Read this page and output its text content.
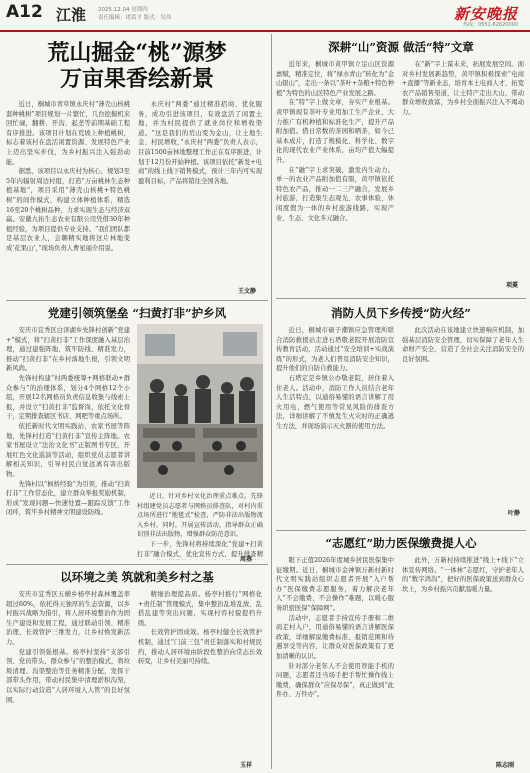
A12 江淮 2025.12.04 星期四
责任编辑：诸葛平 版式：吴伟	新安晚报
热线：0551-62620000
荒山掘金“桃”源梦
万亩果香绘新景

近日，桐城市青草镇永庆村“薄壳山核桃套种桃树”项目规划一片繁忙，几台挖掘机来回忙碌，翻耕、开沟、起垄等前期基础工程有序推进。该项目计划在荒坡上种植桃树，标志着该村在盘活闲置资源、发展特色产业上迈出坚实步伐，为乡村振兴注入强劲动能。

据悉，该项目以永庆村为核心，规划3至5年内辐射周边村组，打造“万亩桃林生态种植基地”，项目采用“薄壳山核桃+特色桃树”的间作模式，构建立体种植体系，精选16至20个桃树品种，力求实现生态与经济双赢。安徽九拓生态农业有限公司凭借30年种植经验，为项目提供专业支持。“我们团队都是基层农业人，会聊精实地将这片林地变成‘花果山’，”现场负责人曹星丽介绍说。

永庆村“两委”通过精准招商、优化服务，成功引进该项目，有效盘活了闲置土地，并为村民提供了就业岗位和增收渠道。“这是我们的荒山变为金山，让土地生金、村民增收，”永庆村“两委”负责人表示，目前1500亩林地整理工作正在有序推进，计划于12月份开始种植。该项目依托“新发+电商”的线上线下销售模式，预计三年内可实现盈利目标，产品将销往全国各地。

王文静
党建引领筑堡垒 “扫黄打非”护乡风

安庆市宜秀区白泽湖乡先锋村创新“党建+”模式，将“扫黄打非”工作深度融入基层治理，通过建强阵地、筑牢防线、精准发力，推动“扫黄打非”在乡村落地生根，引领文明新风尚。

先锋村构建“村两委统筹+网格联动+群众参与”的治理体系，划分4个网格12个小组，开展12名网格员负责信息收集与线索上报，并设立“扫黄打非”监督岗，依托文化骨干，定期排查辖区书店、网吧等重点场所。

依托新时代文明实践站、农家书屋等阵地，先锋村打造“扫黄打非”宣传主阵地。农家书屋设立“法治文化书”正版图书专区，开展红色文化巡演等活动，组织党员志愿者讲解相关知识，引导村民自觉远离有害出版物。

先锋村以“枫桥经验”为引领，推动“扫黄打非”工作常态化，建立群众举报奖励机制，形成“发现问题—快速处置—跟踪反馈”工作闭环，筑牢乡村精神文明建设防线。

近日，针对乡村文化治理重点难点，先锋村组建党员志愿者与网格员排查队，对村内重点场所进行“地毯式”检查，严防非法出版物流入乡村。同时，开展宣传活动，指导群众正确识别非法出版物，增强群众防范意识。

下一步，先锋村将持续深化“党建+扫黄打非”融合模式，优化宣传方式，提升排查精

周燕
以环境之美 筑就和美乡村之基

安庆市宜秀区五横乡杨亭村森林覆盖率超过60%，依托得天独厚的生态资源，以乡村振兴战略为指引，将人居环境整治作为固生产建设和发展工程，通过联动引领、精准治理、长效管护三维发力，让乡村焕发新活力。

党建引领强根基。杨亭村坚持“支部引领、党员带头、群众参与”的整治模式，将垃圾清理、沟渠整治等任务精准分配，发挥干部带头作用，带动村民集中清理淤积沟渠，以实际行动营造“人居环境人人管”的良好氛围。

精细治理提品质。杨亭村推行“网格化+责任制”管理模式，集中整治乱堆乱放、乱搭乱建等突出问题，实现村容村貌提档升级。

长效管护固成效。杨亭村健全长效管护机制，通过“门前三包”责任制落实和村规民约，推动人居环境由阶段性整治向常态长效转变，让乡村美丽可持续。

玉祥
深耕“山”资源 做活“特”文章

近年来，桐城市黄甲镇立足山区资源禀赋，精准定位，将“绿水青山”转化为“金山银山”，走出一条以“茶叶+杂粮+特色种植”为特色的山区特色产业发展之路。

在“特”字上做文章，夯实产业根基。黄甲镇现有茶叶专业用加工生产企业，大力推广有机种植和标准化生产，提升产品附加值。借日常数的茶园和晒茶，如今已基本成片，打造了规模化、科学化、数字化的现代农业产业体系，亩均产值大幅提升。

在“融”字上求突破，激发内生动力。单一的农业产品附加值有限，黄甲镇依托特色农产品，推动一二三产融合，发展乡村旅游，打造集生态观光、农事体验、休闲度假为一体的乡村旅游线路，实现产业、生态、文化多元融合。

在“新”字上谋未来，拓展发展空间。面对乡村发展新趋势，黄甲镇积极探索“电商+直播”等新业态，培育本土电商人才，拓宽农产品销售渠道，让土特产走出大山，带动群众增收致富，为乡村全面振兴注入不竭动力。

项菱
消防人员下乡传授“防火经”

近日，桐城市硕子潮镇应急管理所联合消防救援站走进石塔敬老院开展消防宣传教育活动，活动通过“安全培训+实战演练”的形式，为老人们普及消防安全知识，提升他们的自防自救能力。

石塔定是乡镇公办敬老院，居住着入住老人。活动中，消防工作人员结合老年人生活特点，以通俗易懂的语言讲解了用火用电、燃气使用等常见风险的排查方法，详细讲解了不慎发生火灾时的正确逃生方法，并现场演示灭火器的使用方法。

此次活动在该地建立快速响应机制，加强基层消防安全管理，切实保障了老年人生命财产安全，营造了全社会关注消防安全的良好氛围。

叶静
“志愿红”助力医保缴费提人心

眼下正值2026年度城乡居民医保集中征缴期。近日，桐城市金神镇万新村新时代文明实践站组织志愿者开展“入户帮办”医保缴费志愿服务，着力解决老年人“不会缴费、不会操作”难题，以暖心服务织密医保“保障网”。

活动中，志愿者手持宣传手册和二维码走村入户，用通俗易懂的语言讲解医保政策，详细解说缴费标准、报销范围和待遇享受等内容，让群众对医保政策有了更加清晰的认识。

针对部分老年人不会使用智能手机的问题，志愿者还当场手把手帮忙操作线上缴费，确保群众“应保尽保”，真正做到“此件办、万件办”。

此外，万新村持续推进“线上+线下”立体宣传网络。“一体林”志愿红，守护老年人的“数字鸿沟”，把好的医保政策送到群众心坎上，为乡村振兴贡献温暖力量。

陈志刚
